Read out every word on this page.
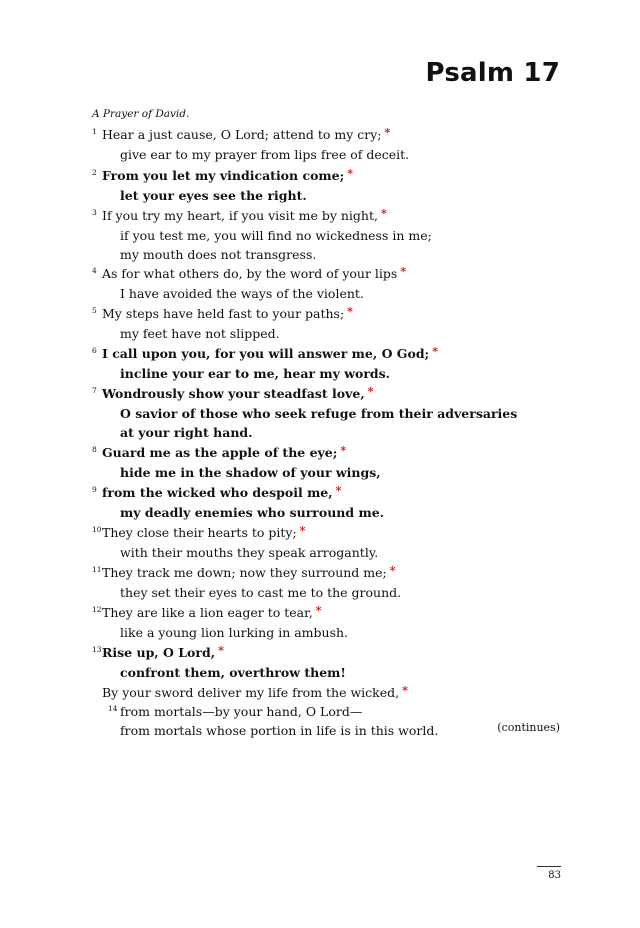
Psalm 17
A Prayer of David.
1 Hear a just cause, O Lord; attend to my cry; *
give ear to my prayer from lips free of deceit.
2 From you let my vindication come; *
let your eyes see the right.
3 If you try my heart, if you visit me by night, *
if you test me, you will find no wickedness in me;
my mouth does not transgress.
4 As for what others do, by the word of your lips *
I have avoided the ways of the violent.
5 My steps have held fast to your paths; *
my feet have not slipped.
6 I call upon you, for you will answer me, O God; *
incline your ear to me, hear my words.
7 Wondrously show your steadfast love, *
O savior of those who seek refuge from their adversaries
at your right hand.
8 Guard me as the apple of the eye; *
hide me in the shadow of your wings,
9 from the wicked who despoil me, *
my deadly enemies who surround me.
10 They close their hearts to pity; *
with their mouths they speak arrogantly.
11 They track me down; now they surround me; *
they set their eyes to cast me to the ground.
12 They are like a lion eager to tear, *
like a young lion lurking in ambush.
13 Rise up, O Lord, *
confront them, overthrow them!
By your sword deliver my life from the wicked, *
14 from mortals—by your hand, O Lord—
from mortals whose portion in life is in this world.	(continues)
83
